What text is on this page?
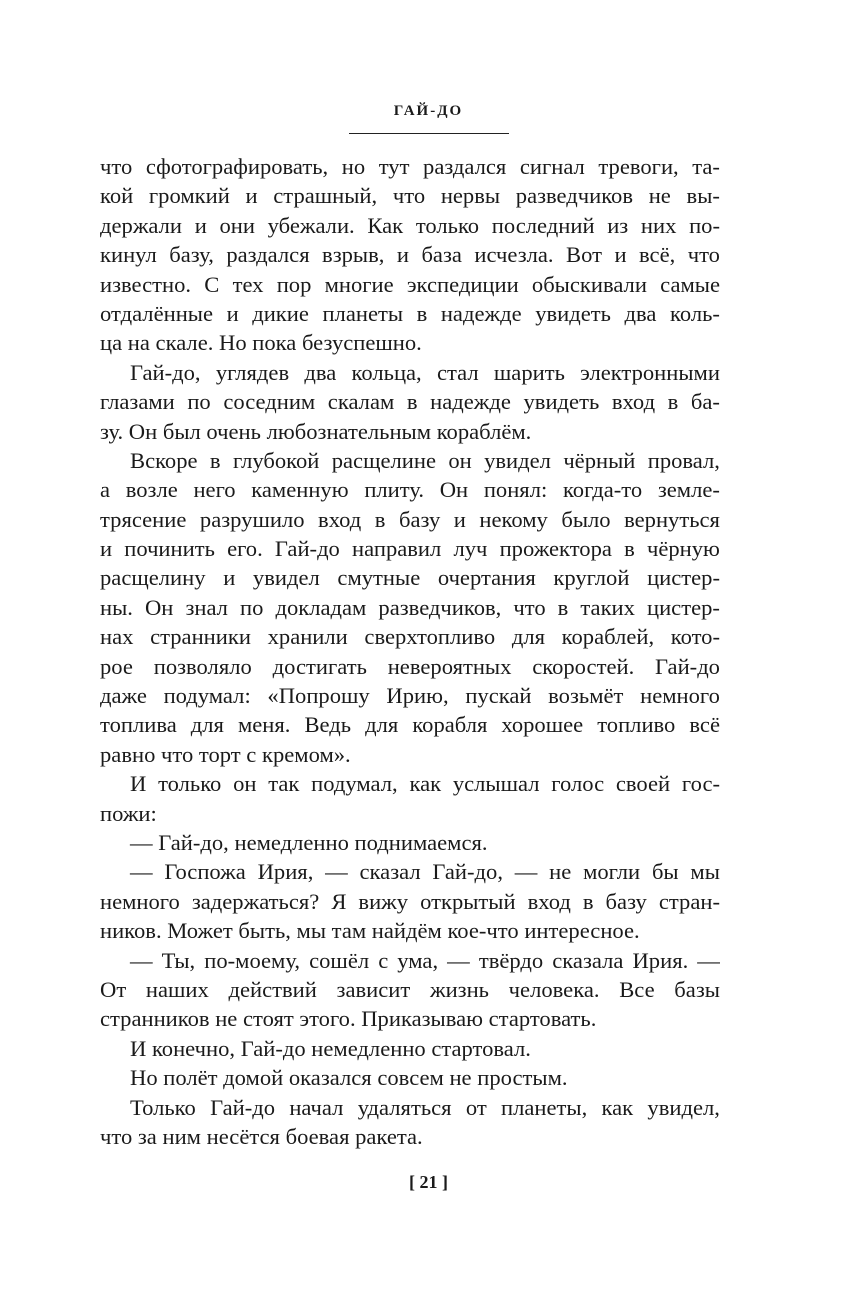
ГАЙ-ДО
что сфотографировать, но тут раздался сигнал тревоги, та-
кой громкий и страшный, что нервы разведчиков не вы-
держали и они убежали. Как только последний из них по-
кинул базу, раздался взрыв, и база исчезла. Вот и всё, что
известно. С тех пор многие экспедиции обыскивали самые
отдалённые и дикие планеты в надежде увидеть два коль-
ца на скале. Но пока безуспешно.
Гай-до, углядев два кольца, стал шарить электронными
глазами по соседним скалам в надежде увидеть вход в ба-
зу. Он был очень любознательным кораблём.
Вскоре в глубокой расщелине он увидел чёрный провал,
а возле него каменную плиту. Он понял: когда-то земле-
трясение разрушило вход в базу и некому было вернуться
и починить его. Гай-до направил луч прожектора в чёрную
расщелину и увидел смутные очертания круглой цистер-
ны. Он знал по докладам разведчиков, что в таких цистер-
нах странники хранили сверхтопливо для кораблей, кото-
рое позволяло достигать невероятных скоростей. Гай-до
даже подумал: «Попрошу Ирию, пускай возьмёт немного
топлива для меня. Ведь для корабля хорошее топливо всё
равно что торт с кремом».
И только он так подумал, как услышал голос своей гос-
пожи:
— Гай-до, немедленно поднимаемся.
— Госпожа Ирия, — сказал Гай-до, — не могли бы мы
немного задержаться? Я вижу открытый вход в базу стран-
ников. Может быть, мы там найдём кое-что интересное.
— Ты, по-моему, сошёл с ума, — твёрдо сказала Ирия. —
От наших действий зависит жизнь человека. Все базы
странников не стоят этого. Приказываю стартовать.
И конечно, Гай-до немедленно стартовал.
Но полёт домой оказался совсем не простым.
Только Гай-до начал удаляться от планеты, как увидел,
что за ним несётся боевая ракета.
[ 21 ]
